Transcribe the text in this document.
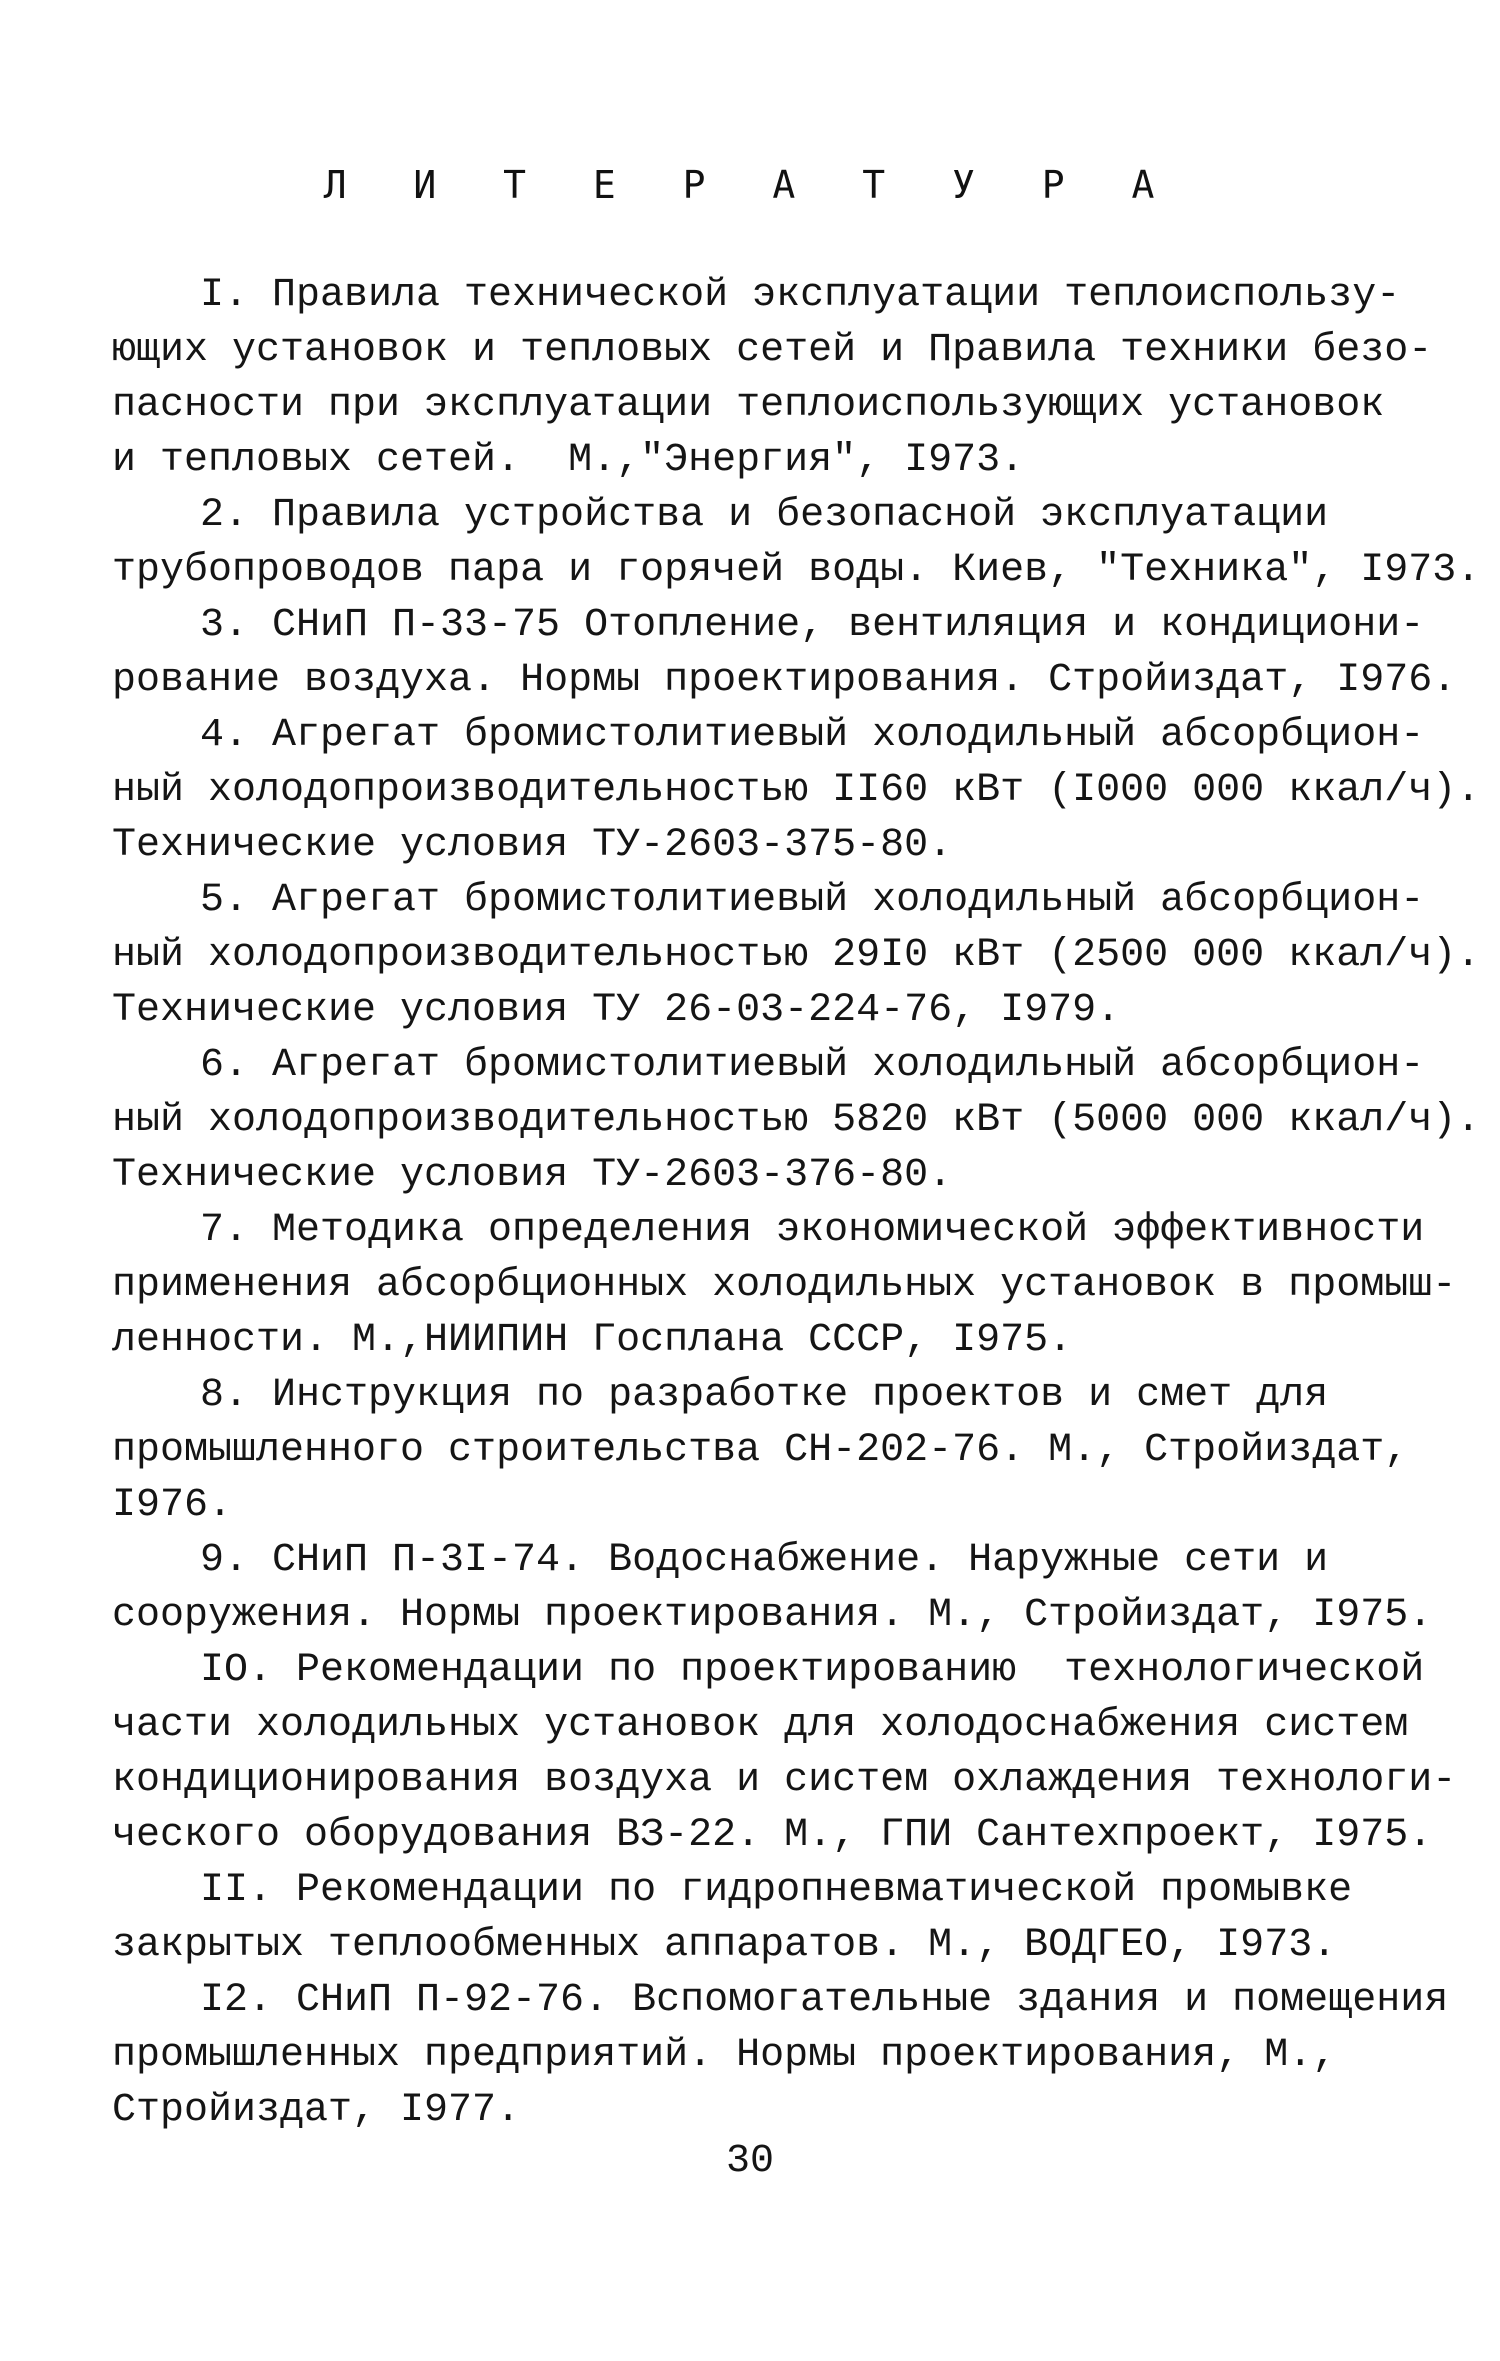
Л И Т Е Р А Т У Р А
I. Правила технической эксплуатации теплоиспользу-
ющих установок и тепловых сетей и Правила техники безо-
пасности при эксплуатации теплоиспользующих установок
и тепловых сетей.  М.,"Энергия", I973.
2. Правила устройства и безопасной эксплуатации
трубопроводов пара и горячей воды. Киев, "Техника", I973.
3. СНиП П-33-75 Отопление, вентиляция и кондициони-
рование воздуха. Нормы проектирования. Стройиздат, I976.
4. Агрегат бромистолитиевый холодильный абсорбцион-
ный холодопроизводительностью II60 кВт (I000 000 ккал/ч).
Технические условия ТУ-2603-375-80.
5. Агрегат бромистолитиевый холодильный абсорбцион-
ный холодопроизводительностью 29I0 кВт (2500 000 ккал/ч).
Технические условия ТУ 26-03-224-76, I979.
6. Агрегат бромистолитиевый холодильный абсорбцион-
ный холодопроизводительностью 5820 кВт (5000 000 ккал/ч).
Технические условия ТУ-2603-376-80.
7. Методика определения экономической эффективности
применения абсорбционных холодильных установок в промыш-
ленности. М.,НИИПИН Госплана СССР, I975.
8. Инструкция по разработке проектов и смет для
промышленного строительства СН-202-76. М., Стройиздат,
I976.
9. СНиП П-3I-74. Водоснабжение. Наружные сети и
сооружения. Нормы проектирования. М., Стройиздат, I975.
IO. Рекомендации по проектированию  технологической
части холодильных установок для холодоснабжения систем
кондиционирования воздуха и систем охлаждения технологи-
ческого оборудования ВЗ-22. М., ГПИ Сантехпроект, I975.
II. Рекомендации по гидропневматической промывке
закрытых теплообменных аппаратов. М., ВОДГЕО, I973.
I2. СНиП П-92-76. Вспомогательные здания и помещения
промышленных предприятий. Нормы проектирования, М.,
Стройиздат, I977.
30
